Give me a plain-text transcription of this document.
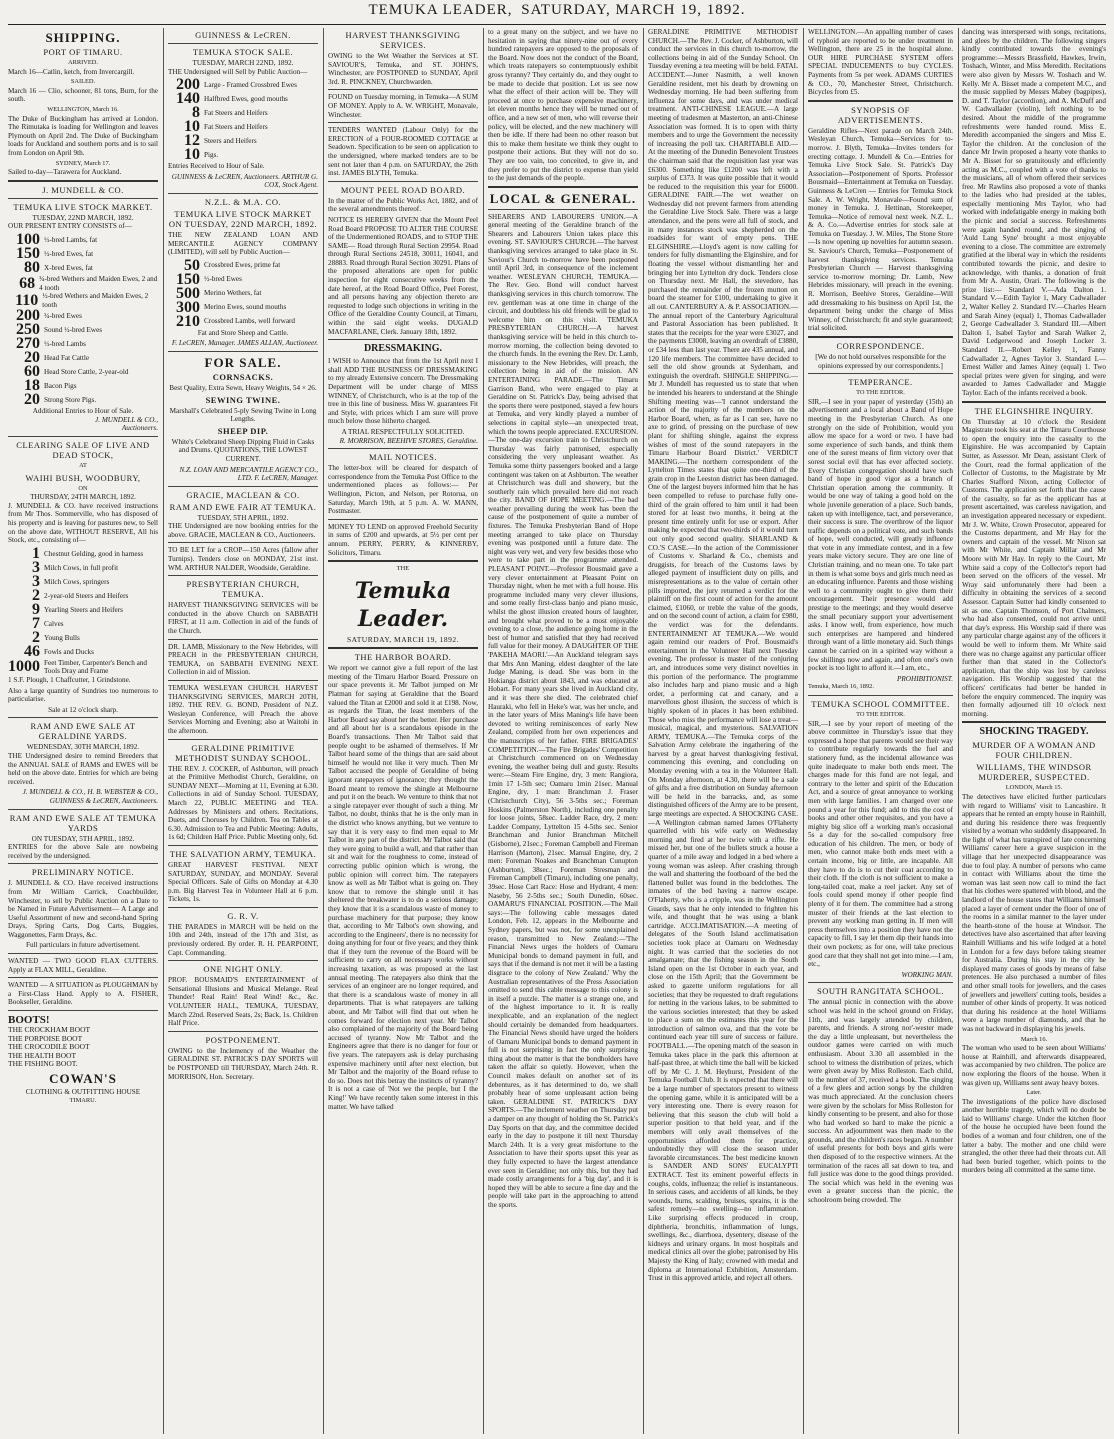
TEMUKA LEADER, SATURDAY, MARCH 19, 1892.
SHIPPING.
PORT OF TIMARU.
ARRIVED.

March 16—Catlin, ketch, from Invercargill.

SAILED.

March 16 — Clio, schooner, 81 tons, Burn, for the south.

WELLINGTON, March 16.

The Duke of Buckingham has arrived at London. The Rimutaka is loading for Wellington and leaves Plymouth on April 2nd. The Duke of Buckingham loads for Auckland and southern ports and is to sail from London on April 9th.

SYDNEY, March 17.

Sailed to-day—Tarawera for Auckland.

J. MUNDELL & CO.
TEMUKA LIVE STOCK MARKET.
TUESDAY, 22ND MARCH, 1892.

OUR PRESENT ENTRY CONSISTS of—

100 ½-bred Lambs, fat
150 ½-bred Ewes, fat
80 X-bred Ewes, fat
68 ¾-bred Wethers and Maiden Ewes, 2 and 4 tooth
110 ½-bred Wethers and Maiden Ewes, 2 tooth
200 ¾-bred Ewes
250 Sound ½-bred Ewes
270 ½-bred Lambs
20 Head Fat Cattle
60 Head Store Cattle, 2-year-old
18 Bacon Pigs
20 Strong Store Pigs.
Additional Entries to Hour of Sale.
J. MUNDELL & CO.,
Auctioneers.
CLEARING SALE OF LIVE AND DEAD STOCK,
AT
WAIHI BUSH, WOODBURY,
ON
THURSDAY, 24TH MARCH, 1892.

J. MUNDELL & CO. have received instructions from Mr Thos. Sommerville, who has disposed of his property and is leaving for pastures new, to Sell on the above date, WITHOUT RESERVE, All his Stock, etc., consisting of—

1 Chestnut Gelding, good in harness
3 Milch Cows, in full profit
3 Milch Cows, springers
2 2-year-old Steers and Heifers
9 Yearling Steers and Heifers
7 Calves
2 Young Bulls
46 Fowls and Ducks
1000 Feet Timber, Carpenter's Bench and Tools Dray and Frame

1 S.F. Plough, 1 Chaffcutter, 1 Grindstone.

Also a large quantity of Sundries too numerous to particularise.

Sale at 12 o'clock sharp.
RAM AND EWE SALE AT GERALDINE YARDS.
WEDNESDAY, 30TH MARCH, 1892.

THE Undersigned desire to remind Breeders that the ANNUAL SALE of RAMS and EWES will be held on the above date. Entries for which are being received.

J. MUNDELL & CO., H. B. WEBSTER & CO., GUINNESS & LeCREN, Auctioneers.

RAM AND EWE SALE AT TEMUKA YARDS
ON TUESDAY, 5TH APRIL, 1892.

ENTRIES for the above Sale are nowbeing received by the undersigned.

PRELIMINARY NOTICE.

J. MUNDELL & CO. Have received instructions from Mr William Carrick, Coachbuilder, Winchester, to sell by Public Auction on a Date to be Named in Future Advertisement— A Large and Useful Assortment of new and second-hand Spring Drays, Spring Carts, Dog Carts, Buggies, Waggonettes, Farm Drays, &c.

Full particulars in future advertisement.

WANTED — TWO GOOD FLAX CUTTERS. Apply at FLAX MILL, Geraldine.

WANTED — A SITUATION as PLOUGHMAN by a First-Class Hand. Apply to A. FISHER, Bookseller, Geraldine.

BOOTS!
THE CROCKHAM BOOT
THE PORPOISE BOOT
THE CROCODILE BOOT
THE HEALTH BOOT
THE FISHING BOOT.
COWAN'S
CLOTHING & OUTFITTING HOUSE
TIMARU.
GUINNESS & LeCREN.
TEMUKA STOCK SALE.
TUESDAY, MARCH 22ND, 1892.

THE Undersigned will Sell by Public Auction—

200 Large - Framed Crossbred Ewes
140 Halfbred Ewes, good mouths
8 Fat Steers and Heifers
10 Fat Steers and Heifers
12 Steers and Heifers
10 Pigs.

Entries Received to Hour of Sale.

GUINNESS & LeCREN, Auctioneers. ARTHUR G. COX, Stock Agent.

N.Z.L. & M.A. CO.
TEMUKA LIVE STOCK MARKET ON TUESDAY, 22ND MARCH, 1892.

THE NEW ZEALAND LOAN AND MERCANTILE AGENCY COMPANY (LIMITED), will sell by Public Auction—

50 Crossbred Ewes, prime fat
150 ½-bred Ewes
500 Merino Wethers, fat
300 Merino Ewes, sound mouths
210 Crossbred Lambs, well forward

Fat and Store Sheep and Cattle.

F. LeCREN, Manager. JAMES ALLAN, Auctioneer.

FOR SALE.
CORNSACKS.

Best Quality, Extra Sewn, Heavy Weights, 54 × 26.

SEWING TWINE.

Marshall's Celebrated 5-ply Sewing Twine in Long Lengths.

SHEEP DIP.

White's Celebrated Sheep Dipping Fluid in Casks and Drums. QUOTATIONS, THE LOWEST CURRENT.

N.Z. LOAN AND MERCANTILE AGENCY CO., LTD. F. LeCREN, Manager.

GRACIE, MACLEAN & CO.
RAM AND EWE FAIR AT TEMUKA.
TUESDAY, 5TH APRIL, 1892.

THE Undersigned are now booking entries for the above. GRACIE, MACLEAN & CO., Auctioneers.

TO BE LET for a CROP—150 Acres (fallow after Turnips). Tenders close on MONDAY, 21st inst. WM. ARTHUR NALDER, Woodside, Geraldine.

PRESBYTERIAN CHURCH, TEMUKA.

HARVEST THANKSGIVING SERVICES will be conducted in the above Church on SABBATH FIRST, at 11 a.m. Collection in aid of the funds of the Church.

DR. LAMB, Missionary to the New Hebrides, will PREACH in the PRESBYTERIAN CHURCH, TEMUKA, on SABBATH EVENING NEXT. Collection in aid of Mission.

TEMUKA WESLEYAN CHURCH. HARVEST THANKSGIVING SERVICES, MARCH 20TH, 1892. THE REV. G. BOND, President of N.Z. Wesleyan Conference, will Preach the above Services Morning and Evening; also at Waitohi in the afternoon.

GERALDINE PRIMITIVE METHODIST SUNDAY SCHOOL.

THE REV. J. COCKER, of Ashburton, will preach at the Primitive Methodist Church, Geraldine, on SUNDAY NEXT—Morning at 11, Evening at 6.30. Collections in aid of Sunday School. TUESDAY, March 22, PUBLIC MEETING and TEA. Addresses by Ministers and others. Recitations, Duets, and Choruses by Children. Tea on Tables at 6.30. Admission to Tea and Public Meeting: Adults, 1s 6d; Children Half Price. Public Meeting only, 6d.

THE SALVATION ARMY, TEMUKA.

GREAT HARVEST FESTIVAL NEXT SATURDAY, SUNDAY, and MONDAY. Several Special Officers. Sale of Gifts on Monday at 4.30 p.m. Big Harvest Tea in Volunteer Hall at 6 p.m. Tickets, 1s.

G. R. V.

THE PARADES in MARCH will be held on the 10th and 24th, instead of the 17th and 31st, as previously ordered. By order. R. H. PEARPOINT, Capt. Commanding.

ONE NIGHT ONLY.

PROF. BOUSMAID'S ENTERTAINMENT of Sensational Illusions and Musical Melange. Real Thunder! Real Rain! Real Wind! &c., &c. VOLUNTEER HALL, TEMUKA, TUESDAY, March 22nd. Reserved Seats, 2s; Back, 1s. Children Half Price.

POSTPONEMENT.

OWING to the Inclemency of the Weather the GERALDINE ST. PATRICK'S DAY SPORTS will be POSTPONED till THURSDAY, March 24th. R. MORRISON, Hon. Secretary.

HARVEST THANKSGIVING SERVICES.

OWING to the Wet Weather the Services at ST. SAVIOUR'S, Temuka, and ST. JOHN'S, Winchester, are POSTPONED to SUNDAY, April 3rd. R. PINCKNEY, Churchwarden.

FOUND on Tuesday morning, in Temuka—A SUM OF MONEY. Apply to A. W. WRIGHT, Monavale, Winchester.

TENDERS WANTED (Labour Only) for the ERECTION of a FOUR-ROOMED COTTAGE at Seadown. Specification to be seen on application to the undersigned, where marked tenders are to be sent not later than 4 p.m. on SATURDAY, the 26th inst. JAMES BLYTH, Temuka.

MOUNT PEEL ROAD BOARD.

In the matter of the Public Works Act, 1882, and of the several amendments thereof.

NOTICE IS HEREBY GIVEN that the Mount Peel Road Board PROPOSE TO ALTER THE COURSE of the Undermentioned ROADS, and to STOP THE SAME— Road through Rural Section 29954. Road through Rural Sections 24518, 30011, 16041, and 28883. Road through Rural Section 30291. Plans of the proposed alterations are open for public inspection for eight consecutive weeks from the date hereof, at the Road Board Office, Peel Forest, and all persons having any objection thereto are requested to lodge such objections in writing in the Office of the Geraldine County Council, at Timaru, within the said eight weeks. DUGALD MACFARLANE, Clerk. January 18th, 1892.

DRESSMAKING.

I WISH to Announce that from the 1st April next I shall ADD THE BUSINESS OF DRESSMAKING to my already Extensive concern. The Dressmaking Department will be under charge of MISS WINNEY, of Christchurch, who is at the top of the tree in this line of business. Miss W. guarantees Fit and Style, with prices which I am sure will prove much below those hitherto charged.

A TRIAL RESPECTFULLY SOLICITED.
R. MORRISON, BEEHIVE STORES, Geraldine.
MAIL NOTICES.

The letter-box will be cleared for despatch of correspondence from the Temuka Post Office to the undermentioned places as follows:— Per Wellington, Picton, and Nelson, per Rotorua, on Saturday, March 19th, at 5 p.m. A. W. MANN, Postmaster.

MONEY TO LEND on approved Freehold Security in sums of £200 and upwards, at 5½ per cent per annum. PERRY, PERRY, & KINNERBY, Solicitors, Timaru.

THE
Temuka Leader.
SATURDAY, MARCH 19, 1892.
THE HARBOR BOARD.

We report we cannot give a full report of the last meeting of the Timaru Harbor Board. Pressure on our space prevents it. Mr Talbot jumped on Mr Platman for saying at Geraldine that the Board valued the Titan at £2000 and sold it at £198. Now, as regards the Titan, the least members of the Harbor Board say about her the better. Her purchase and all about her is a scandalous episode in the Board's transactions. Then Mr Talbot said that people ought to be ashamed of themselves. If Mr Talbot heard some of the things that are said about himself he would not like it very much. Then Mr Talbot accused the people of Geraldine of being ignorant ratepayers of ignorance; they thought the Board meant to remove the shingle at Melbourne and put it on the beach. We venture to think that not a single ratepayer ever thought of such a thing. Mr Talbot, no doubt, thinks that he is the only man in the district who knows anything, but we venture to say that it is very easy to find men equal to Mr Talbot in any part of the district. Mr Talbot said that they were going to build a wall, and that rather than sit and wait for the roughness to come, instead of correcting public opinion which is wrong, the public opinion will correct him. The ratepayers know as well as Mr Talbot what is going on. They know that to remove the shingle until it has sheltered the breakwater is to do a serious damage; they know that it is a scandalous waste of money to purchase machinery for that purpose; they know that, according to Mr Talbot's own showing, and according to the Engineers', there is no necessity for doing anything for four or five years; and they think that if they turn the revenue of the Board will be sufficient to carry on all necessary works without increasing taxation, as was proposed at the last annual meeting. The ratepayers also think that the services of an engineer are no longer required, and that there is a scandalous waste of money in all departments. That is what ratepayers are talking about, and Mr Talbot will find that out when he comes forward for election next year. Mr Talbot also complained of the majority of the Board being accused of tyranny. Now Mr Talbot and the Engineers agree that there is no danger for four or five years. The ratepayers ask is delay purchasing expensive machinery until after next election, but Mr Talbot and the majority of the Board refuse to do so. Does not this betray the instincts of tyranny? It is not a case of 'Not we the people, but I the King!' We have recently taken some interest in this matter. We have talked

to a great many on the subject, and we have no hesitation in saying that ninety-nine out of every hundred ratepayers are opposed to the proposals of the Board. Now does not the conduct of the Board, which treats ratepayers so contemptuously exhibit gross tyranny? They certainly do, and they ought to be made to decide that position. Let us see now what the effect of their action will be. They will proceed at once to purchase expensive machinery, let eleven months hence they will be turned out of office, and a new set of men, who will reverse their policy, will be elected, and the new machinery will then be idle. If there had been no other reason but this to make them hesitate we think they ought to postpone their actions. But they will not do so. They are too vain, too conceited, to give in, and they prefer to put the district to expense than yield to the just demands of the people.

LOCAL & GENERAL.

SHEARERS AND LABOURERS UNION.—A general meeting of the Geraldine branch of the Shearers and Labourers Union takes place this evening. ST. SAVIOUR'S CHURCH.—The harvest thanksgiving services arranged to take place in St. Saviour's Church to-morrow have been postponed until April 3rd, in consequence of the inclement weather. WESLEYAN CHURCH, TEMUKA.—The Rev. Geo. Bond will conduct harvest thanksgiving services in this church tomorrow. The rev. gentleman was at one time in charge of the circuit, and doubtless his old friends will be glad to welcome him on this visit. TEMUKA PRESBYTERIAN CHURCH.—A harvest thanksgiving service will be held in this church to-morrow morning, the collection being devoted to the church funds. In the evening the Rev. Dr. Lamb, missionary to the New Hebrides, will preach, the collection being in aid of the mission. AN ENTERTAINING PARADE.—The Timaru Garrison Band, who were engaged to play at Geraldine on St. Patrick's Day, being advised that the sports there were postponed, stayed a few hours at Temuka, and very kindly played a number of selections in capital style—an unexpected treat, which the towns people appreciated. EXCURSION.—The one-day excursion train to Christchurch on Thursday was fairly patronised, especially considering the very unpleasant weather. As Temuka some thirty passengers booked and a large contingent was taken on at Ashburton. The weather at Christchurch was dull and showery, but the southerly rain which prevailed here did not reach the city. BAND OF HOPE MEETING.—The bad weather prevailing during the week has been the cause of the postponement of quite a number of fixtures. The Temuka Presbyterian Band of Hope meeting arranged to take place on Thursday evening was postponed until a future date. The night was very wet, and very few besides those who were to take part in the programme attended. PLEASANT POINT.—Professor Bousmaid gave a very clever entertainment at Pleasant Point on Thursday night, when he met with a full house. His programme included many very clever illusions, and some really first-class banjo and piano music, whilst the ghost illusion created hours of laughter, and brought what proved to be a most enjoyable evening to a close, the audience going home in the best of humor and satisfied that they had received full value for their money. A DAUGHTER OF THE 'PAKEHA MAORI.'—An Auckland telegram says that Mrs Ann Maning, eldest daughter of the late Judge Maning, is dead. She was born in the Hokianga district about 1843, and was educated at Hobart. For many years she lived in Auckland city, and it was there she died. The celebrated chief Hauraki, who fell in Heke's war, was her uncle, and in the later years of Miss Maning's life have been devoted to writing reminiscences of early New Zealand, compiled from her own experiences and the manuscripts of her father. FIRE BRIGADES' COMPETITION.—The Fire Brigades' Competition at Christchurch commenced on on Wednesday evening, the weather being dull and gusty. Results were:—Steam Fire Engine, dry, 3 men: Rangiora, 1min 17 1-5th sec; Oamaru 1min 21sec. Manual Engine, dry, 1 man: Branchman J. Fraser (Christchurch City), 56 3-5ths sec.; Foreman Hoskins (Palmerston North), including one penalty for loose joints, 58sec. Ladder Race, dry, 2 men: Ladder Company, Lyttelton 15 4-5ths sec. Senior Branchman and Junior Branchman Mitchell (Gisborne), 21sec.; Foreman Campbell and Fireman Harrison (Marton), 21sec. Manual Engine, dry, 2 men: Foreman Noakes and Branchman Cunupton (Ashburton), 38sec.; Foreman Stresman and Fireman Campbell (Timaru), including one penalty, 39sec. Hose Cart Race: Hose and Hydrant, 4 men: Naseby, 56 2-5ths sec.; South Dunedin, 60sec. OAMARU'S FINANCIAL POSITION.—The Mail says:—The following cable messages dated London, Feb. 12, appears in the Melbourne and Sydney papers, but was not, for some unexplained reason, transmitted to New Zealand:—'The Financial News urges the holders of Oamaru Municipal bonds to demand payment in full, and says that if the demand is not met it will be a lasting disgrace to the colony of New Zealand.' Why the Australian representatives of the Press Association omitted to send this cable message to this colony is in itself a puzzle. The matter is a strange one, and of the highest importance to it. It is really inexplicable, and an explanation of the neglect should certainly be demanded from headquarters. The Financial News should have urged the holders of Oamaru Municipal bonds to demand payment in full is not surprising; in fact the only surprising thing about the matter is that the bondholders have taken the affair so quietly. However, when the Council makes default on another set of its debentures, as it has determined to do, we shall probably hear of some unpleasant action being taken. GERALDINE ST. PATRICK'S DAY SPORTS.—The inclement weather on Thursday put a damper on any thought of holding the St. Patrick's Day Sports on that day, and the committee decided early in the day to postpone it till next Thursday March 24th. It is a very great misfortune to the Association to have their sports upset this year as they fully expected to have the largest attendance ever seen in Geraldine; not only this, but they had made costly arrangements for a 'big day', and it is hoped they will be able to secure a fine day and the people will take part in the approaching to attend the sports.

GERALDINE PRIMITIVE METHODIST CHURCH.—The Rev. J. Cocker, of Ashburton, will conduct the services in this church to-morrow, the collections being in aid of the Sunday School. On Tuesday evening a tea meeting will be held. FATAL ACCIDENT.—Juner Nasmith, a well known Geraldine resident, met his death by drowning on Wednesday morning. He had been suffering from influenza for some days, and was under medical treatment. ANTI-CHINESE LEAGUE.—A large meeting of tradesmen at Masterton, an anti-Chinese Association was formed. It is to open with thirty members and to urge the Government the necessity of increasing the poll tax. CHARITABLE AID.—At the meeting of the Dunedin Benevolent Trustees the chairman said that the requisition last year was £6300. Something like £1200 was left with a surplus of £373. It was quite possible that it would be reduced to the requisition this year for £6000. GERALDINE FAIR.—The wet weather on Wednesday did not prevent farmers from attending the Geraldine Live Stock Sale. There was a large attendance, and the pens were all full of stock, and in many instances stock was shepherded on the roadsides for want of empty pens. THE ELGINSHIRE.—Lloyd's agent is now calling for tenders for fully dismantling the Elginshire, and for floating the vessel without dismantling her and bringing her into Lyttelton dry dock. Tenders close on Thursday next. Mr Hall, the stevedore, has purchased the remainder of the frozen mutton on board the steamer for £100, undertaking to give it all out. CANTERBURY A. & P. ASSOCIATION.—The annual report of the Canterbury Agricultural and Pastoral Association has been published. It states that the receipts for the year were £3027, and the payments £3008, leaving an overdraft of £3880, or £34 less than last year. There are 435 annual, and 120 life members. The committee have decided to sell the old show grounds at Sydenham, and extinguish the overdraft. SHINGLE SHIPPING.—Mr J. Mundell has requested us to state that when he intended his hearers to understand at the Shingle Shifting meeting was—'I cannot understand the action of the majority of the members on the Harbor Board, when, as far as I can see, have no axe to grind, of pressing on the purchase of new plant for shifting shingle, against the express wishes of most of the sound ratepayers in the Timaru Harbour Board District.' VERDICT MAKING.—The northern correspondent of the Lyttelton Times states that quite one-third of the grain crop in the Leeston district has been damaged. One of the largest buyers informed him that he has been compelled to refuse to purchase fully one-third of the grain offered to him until it had been stored for at least two months, it being at the present time entirely unfit for use or export. After making he expected that two-thirds of it would turn out only good second quality. SHARLAND & CO.'S CASE.—In the action of the Commissioner of Customs v. Sharland & Co., chemists and druggists, for breach of the Customs laws by alleged payment of insufficient duty on pills, and misrepresentations as to the value of certain other pills imported, the jury returned a verdict for the plaintiff on the first count of action for the amount claimed, £1060, or treble the value of the goods, and on the second count of action, a claim for £980, the verdict was for the defendants. ENTERTAINMENT AT TEMUKA.—We would again remind our readers of Prof. Bousmaid's entertainment in the Volunteer Hall next Tuesday evening. The professor is master of the conjuring art, and introduces some very distinct novelties in this portion of the performance. The programme also includes harp and piano music and a high order, a performing cat and canary, and a marvellous ghost illusion, the success of which is highly spoken of in places it has been exhibited. Those who miss the performance will lose a treat—musical, magical, and mysterious. SALVATION ARMY, TEMUKA.—The Temuka corps of the Salvation Army celebrate the ingathering of the harvest by a great harvest thanksgiving festival, commencing this evening, and concluding on Monday evening with a tea in the Volunteer Hall. On Monday afternoon, at 4.30, there will be a sale of gifts and a free distribution on Sunday afternoon will be held in the barracks, and, as some distinguished officers of the Army are to be present, large meetings are expected. A SHOCKING CASE.—A Wellington cabman named James O'Flaherty quarrelled with his wife early on Wednesday morning and fired at her twice with a rifle. He missed her, but one of the bullets struck a house a quarter of a mile away and lodged in a bed where a young woman was asleep. After crashing through the wall and shattering the footboard of the bed the flattened bullet was found in the bedclothes. The inmates of the bed having a narrow escape. O'Flaherty, who is a cripple, was in the Wellington Guards, says that he only intended to frighten his wife, and thought that he was using a blank cartridge. ACCLIMATISATION.—A meeting of delegates of the South Island acclimatisation societies took place at Oamaru on Wednesday night. It was carried that the societies do not amalgamate; that the fishing season in the South Island open on the 1st October in each year, and close on the 15th April; that the Government be asked to gazette uniform regulations for all societies; that they be requested to draft regulations for netting in the various lakes, to be submitted to the various societies interested; that they be asked to place a sum on the estimates this year for the introduction of salmon ova, and that the vote be continued each year till sure of success or failure. FOOTBALL.—The opening match of the season in Temuka takes place in the park this afternoon at half-past three, at which time the ball will be kicked off by Mr C. J. M. Heyhurst, President of the Temuka Football Club. It is expected that there will be a large number of spectators present to witness the opening game, while it is anticipated will be a very interesting one. There is every reason for believing that this season the club will hold a superior position to that held year, and if the members will only avail themselves of the opportunities afforded them for practice, undoubtedly they will close the season under favorable circumstances. The best medicine known is SANDER AND SONS' EUCALYPTI EXTRACT. Test its eminent powerful effects in coughs, colds, influenza; the relief is instantaneous. In serious cases, and accidents of all kinds, be they wounds, burns, scalding, bruises, sprains, it is the safest remedy—no swelling—no inflammation. Like surprising effects produced in croup, diphtheria, bronchitis, inflammation of lungs, swellings, &c., diarrhoea, dysentery, disease of the kidneys and urinary organs. In most hospitals and medical clinics all over the globe; patronised by His Majesty the King of Italy; crowned with medal and diploma at International Exhibition, Amsterdam. Trust in this approved article, and reject all others.

WELLINGTON.—An appalling number of cases of typhoid are reported to be under treatment in Wellington, there are 25 in the hospital alone. OUR HIRE PURCHASE SYSTEM offers SPECIAL INDUCEMENTS to buy CYCLES. Payments from 5s per week. ADAMS CURTIES & CO., 70, Manchester Street, Christchurch. Bicycles from £5.

SYNOPSIS OF ADVERTISEMENTS.

Geraldine Rifles—Next parade on March 24th. Wesleyan Church, Temuka—Services for to-morrow. J. Blyth, Temuka—Invites tenders for erecting cottage. J. Mundell & Co.—Entries for Temuka Live Stock Sale. St. Patrick's Day Association—Postponement of Sports. Professor Bousmaid—Entertainment at Temuka on Tuesday. Guinness & LeCren — Entries for Temuka Stock Sale. A. W. Wright, Monavale—Found sum of money in Temuka. J. Hettinan, Storekeeper, Temuka—Notice of removal next week. N.Z. L. & A. Co.—Advertise entries for stock sale at Temuka on Tuesday. J. W. Miles, The Stone Store—Is now opening up novelties for autumn season. St. Saviour's Church, Temuka—Postponement of harvest thanksgiving services. Temuka Presbyterian Church — Harvest thanksgiving service to-morrow morning; Dr. Lamb, New Hebrides missionary, will preach in the evening. R. Morrison, Beehive Stores, Geraldine—Will add dressmaking to his business on April 1st, the department being under the charge of Miss Winney, of Christchurch; fit and style guaranteed; trial solicited.

CORRESPONDENCE.

[We do not hold ourselves responsible for the opinions expressed by our correspondents.]

TEMPERANCE.
TO THE EDITOR.

SIR,—I see in your paper of yesterday (15th) an advertisement and a local about a Band of Hope meeting in the Presbyterian Church. As one strongly on the side of Prohibition, would you allow me space for a word or two. I have had some experience of such bands, and think them one of the surest means of firm victory over that sorest social evil that has ever affected society. Every Christian congregation should have such band of hope in good vigor as a branch of Christian operation among the community. It would be one way of taking a good hold on the whole juvenile generation of a place. Such bands, taken up with intelligence, tact, and perseverance, their success is sure. The overthrow of the liquor traffic depends on a political vote, and such bands of hope, well conducted, will greatly influence that vote in any immediate contest, and in a few years make victory secure. They are one line of Christian training, and no mean one. To take part in them is what some boys and girls much need as an educating influence. Parents and those wishing well to a community ought to give them their encouragement. Their presence would add prestige to the meetings; and they would deserve the small pecuniary support your advertisement asks. I know well, from experience, how much such enterprises are hampered and hindered through want of a little monetary aid. Such things cannot be carried on in a spirited way without a few shillings now and again, and often one's own pocket is too light to afford it.—I am, etc.,

PROHIBITIONIST.
Temuka, March 16, 1892.
TEMUKA SCHOOL COMMITTEE.
TO THE EDITOR.

SIR,—I see by your report of meeting of the above committee in Thursday's issue that they expressed a hope that parents would see their way to contribute regularly towards the fuel and stationery fund, as the incidental allowance was quite inadequate to make both ends meet. The charges made for this fund are not legal, and contrary to the letter and spirit of the Education Act, and a source of great annoyance to working men with large families. I am charged over one pound a year for this fund; add to this the cost of books and other other requisites, and you have a mighty big slice off a working man's occasional 5s a day for the so-called compulsory free education of his children. The men, or body of men, who cannot make both ends meet with a certain income, big or little, are incapable. All they have to do is to cut their coat according to their cloth. If the cloth is not sufficient to make a long-tailed coat, make a reel jacket. Any set of fools could spend money if other people find plenty of it for them. The committee had a strong muster of their friends at the last election to prevent any working man getting in. If men will press themselves into a position they have not the capacity to fill, I say let them dip their hands into their own pockets; as for one, will take precious good care that they shall not get into mine.—I am, etc.,

WORKING MAN.
SOUTH RANGITATA SCHOOL.

The annual picnic in connection with the above school was held in the school ground on Friday, 11th, and was largely attended by children, parents, and friends. A strong nor'-wester made the day a little unpleasant, but nevertheless the outdoor games were carried on with much enthusiasm. About 3.30 all assembled in the school to witness the distribution of prizes, which were given away by Miss Rolleston. Each child, to the number of 37, received a book. The singing of a few glees and action songs by the children was much appreciated. At the conclusion cheers were given by the scholars for Miss Rolleston for kindly consenting to be present, and also for those who had worked so hard to make the picnic a success. An adjournment was then made to the grounds, and the children's races began. A number of useful presents for both boys and girls were then disposed of to the respective winners. At the termination of the races all sat down to tea, and full justice was done to the good things provided. The social which was held in the evening was even a greater success than the picnic, the schoolroom being crowded. The

dancing was interspersed with songs, recitations, and glees by the children. The following singers kindly contributed towards the evening's programme:—Messrs Brassfield, Hawkes, Irwin, Toshach, Winter, and Miss Meredith. Recitations were also given by Messrs W. Toshach and W. Kelly. Mr A. Bisset made a competent M.C., and the music supplied by Messrs Mabey (bagpipes), D. and T. Taylor (accordion), and A. McDuff and W. Cadwallader (violin), left nothing to be desired. About the middle of the programme refreshments were handed round. Miss E. Meredith accompanied the singers and Miss E. Taylor the children. At the conclusion of the dance Mr Irwin proposed a hearty vote thanks to Mr A. Bisset for so gratuitously and efficiently acting as M.C., coupled with a vote of thanks to the musicians, all of whom offered their services free. Mr Rawlins also proposed a vote of thanks to the ladies who had presided at the tables, especially mentioning Mrs Taylor, who had worked with indefatigable energy in making both the picnic and social a success. Refreshments were again handed round, and the singing of 'Auld Lang Syne' brought a most enjoyable evening to a close. The committee are extremely gratified at the liberal way in which the residents contributed towards the picnic, and desire to acknowledge, with thanks, a donation of fruit from Mr A. Austin, Orari. The following is the prize list:— Standard V.—Ada Dalton 1. Standard V.—Edith Taylor 1, Mary Cadwallader 2, Walter Kelley 2. Standard IV.—Charles Hearn and Sarah Ainey (equal) 1, Thomas Cadwallader 2, George Cadwallader 3. Standard III.—Albert Dalton 1, Isabel Taylor and Sarah Walker 2, David Ledgerwood and Joseph Locker 3. Standard II.—Robert Kelley 1, Fanny Cadwallader 2, Agnes Taylor 3. Standard I.—Ernest Waller and James Ainey (equal) 1. Two special prizes were given for singing, and were awarded to James Cadwallader and Maggie Taylor. Each of the infants received a book.

THE ELGINSHIRE INQUIRY.

On Thursday at 10 o'clock the Resident Magistrate took his seat at the Timaru Courthouse to open the enquiry into the casualty to the Elginshire. He was accompanied by Captain Sutter, as Assessor. Mr Dean, assistant Clerk of the Court, read the formal application of the Collector of Customs, to the Magistrate by Mr Charles Stafford Nixon, acting Collector of Customs. The application set forth that the cause of the casualty, so far as the applicant has at present ascertained, was careless navigation, and an investigation appeared necessary or expedient. Mr J. W. White, Crown Prosecutor, appeared for the Customs department, and Mr Hay for the owners and captain of the vessel. Mr Nixon sat with Mr White, and Captain Millar and Mr Moore with Mr Hay. In reply to the Court, Mr White said a copy of the Collector's report had been served on the officers of the vessel. Mr Wray said unfortunately there had been a difficulty in obtaining the services of a second Assessor. Captain Sutter had kindly consented to sit as one. Captain Thomson, of Port Chalmers, who had also consented, could not arrive until that day's express. His Worship said if there was any particular charge against any of the officers it would be well to inform them. Mr White said there was no charge against any particular officer further than that stated in the Collector's application, that the ship was lost by careless navigation. His Worship suggested that the officers' certificates had better be handed in before the enquiry commenced. The inquiry was then formally adjourned till 10 o'clock next morning.

SHOCKING TRAGEDY.
MURDER OF A WOMAN AND FOUR CHILDREN.
WILLIAMS, THE WINDSOR MURDERER, SUSPECTED.
LONDON, March 15.

The detectives have elicited further particulars with regard to Williams' visit to Lancashire. It appears that he rented an empty house in Rainhill, and during his residence there was frequently visited by a woman who suddenly disappeared. In the light of what has transpired of late concerning Williams' career here a grave suspicion in the village that her unexpected disappearance was due to foul play. A number of persons who came in contact with Williams about the time the woman was last seen now call to mind the fact that his clothes were spattered with blood, and the landlord of the house states that Williams himself placed a layer of cement under the floor of one of the rooms in a similar manner to the layer under the hearth-stone of the house at Windsor. The detectives have also ascertained that after leaving Rainhill Williams and his wife lodged at a hotel in London for a few days before taking steamer for Australia. During his stay in the city he displayed many cases of goods by means of false pretences. He also purchased a number of files and other small tools for jewellers, and the cases of jewellers and jewellers' cutting tools, besides a number of other kinds of property. It was noticed that during his residence at the hotel Williams wore a large number of diamonds, and that he was not backward in displaying his jewels.

March 16.

The woman who used to be seen about Williams' house at Rainhill, and afterwards disappeared, was accompanied by two children. The police are now exploring the floors of the house. When it was given up, Williams sent away heavy boxes.

Later.

The investigations of the police have disclosed another horrible tragedy, which will no doubt be laid to Williams' charge. Under the kitchen floor of the house he occupied have been found the bodies of a woman and four children, one of the latter a baby. The mother and one child were strangled, the other three had their throats cut. All had been buried together, which points to the murders being all committed at the same time.
